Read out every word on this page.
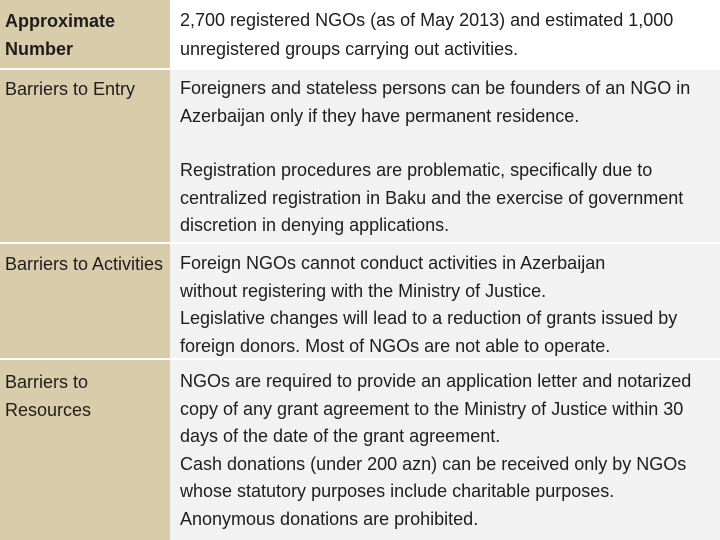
Approximate Number

2,700 registered NGOs (as of May 2013) and estimated 1,000 unregistered groups carrying out activities.

Barriers to Entry	Foreigners and stateless persons can be founders of an NGO in Azerbaijan only if they have permanent residence.

Registration procedures are problematic, specifically due to centralized registration in Baku and the exercise of government discretion in denying applications.

Barriers to Activities Foreign NGOs cannot conduct activities in Azerbaijan without registering with the Ministry of Justice.

Legislative changes will lead to a reduction of grants issued by foreign donors. Most of NGOs are not able to operate.

Barriers to Resources

NGOs are required to provide an application letter and notarized copy of any grant agreement to the Ministry of Justice within 30 days of the date of the grant agreement.

Cash donations (under 200 azn) can be received only by NGOs whose statutory purposes include charitable purposes. Anonymous donations are prohibited.
